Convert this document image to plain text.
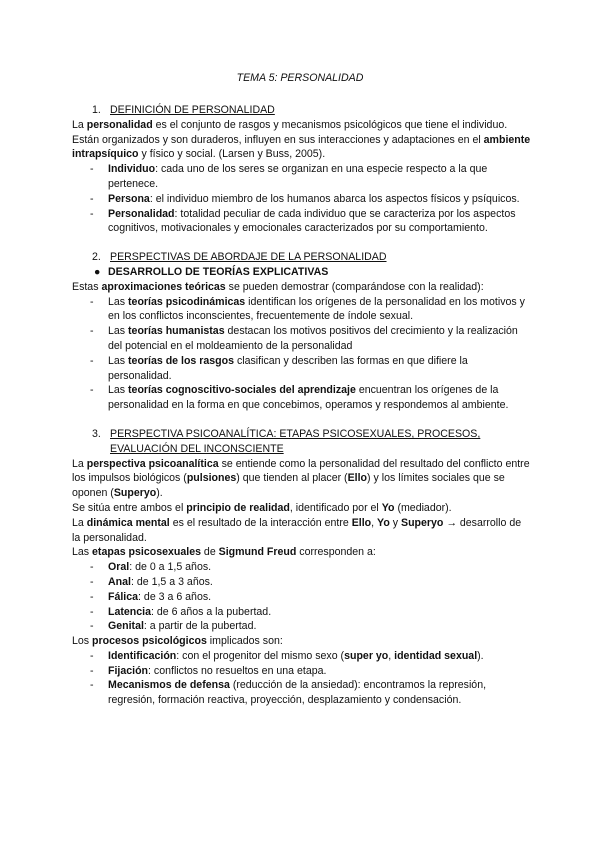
TEMA 5: PERSONALIDAD
1. DEFINICIÓN DE PERSONALIDAD

La personalidad es el conjunto de rasgos y mecanismos psicológicos que tiene el individuo. Están organizados y son duraderos, influyen en sus interacciones y adaptaciones en el ambiente intrapsíquico y físico y social. (Larsen y Buss, 2005).

-	Individuo: cada uno de los seres se organizan en una especie respecto a la que pertenece.
-	Persona: el individuo miembro de los humanos abarca los aspectos físicos y psíquicos.
-	Personalidad: totalidad peculiar de cada individuo que se caracteriza por los aspectos cognitivos, motivacionales y emocionales caracterizados por su comportamiento.
2. PERSPECTIVAS DE ABORDAJE DE LA PERSONALIDAD
● DESARROLLO DE TEORÍAS EXPLICATIVAS

Estas aproximaciones teóricas se pueden demostrar (comparándose con la realidad):

-	Las teorías psicodinámicas identifican los orígenes de la personalidad en los motivos y en los conflictos inconscientes, frecuentemente de índole sexual.
-	Las teorías humanistas destacan los motivos positivos del crecimiento y la realización del potencial en el moldeamiento de la personalidad
-	Las teorías de los rasgos clasifican y describen las formas en que difiere la personalidad.
-	Las teorías cognoscitivo-sociales del aprendizaje encuentran los orígenes de la personalidad en la forma en que concebimos, operamos y respondemos al ambiente.
3. PERSPECTIVA PSICOANALÍTICA: ETAPAS PSICOSEXUALES, PROCESOS, EVALUACIÓN DEL INCONSCIENTE

La perspectiva psicoanalítica se entiende como la personalidad del resultado del conflicto entre los impulsos biológicos (pulsiones) que tienden al placer (Ello) y los límites sociales que se oponen (Superyo).

Se sitúa entre ambos el principio de realidad, identificado por el Yo (mediador).

La dinámica mental es el resultado de la interacción entre Ello, Yo y Superyo → desarrollo de la personalidad.

Las etapas psicosexuales de Sigmund Freud corresponden a:

-	Oral: de 0 a 1,5 años.
-	Anal: de 1,5 a 3 años.
-	Fálica: de 3 a 6 años.
-	Latencia: de 6 años a la pubertad.
-	Genital: a partir de la pubertad.

Los procesos psicológicos implicados son:

-	Identificación: con el progenitor del mismo sexo (super yo, identidad sexual).
-	Fijación: conflictos no resueltos en una etapa.
-	Mecanismos de defensa (reducción de la ansiedad): encontramos la represión, regresión, formación reactiva, proyección, desplazamiento y condensación.
